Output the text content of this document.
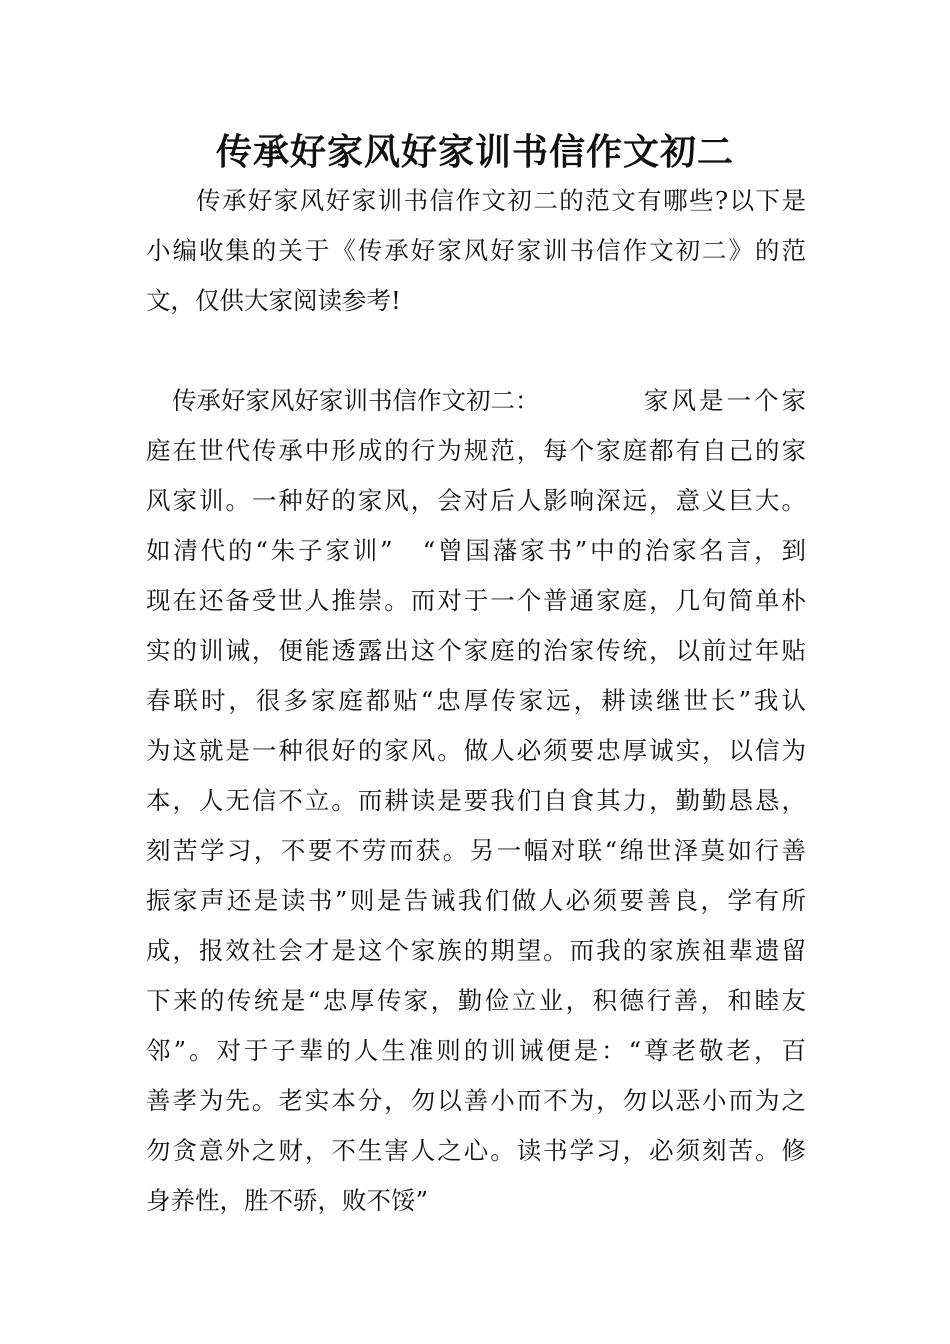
传承好家风好家训书信作文初二
传承好家风好家训书信作文初二的范文有哪些?以下是
小编收集的关于《传承好家风好家训书信作文初二》的范
文，仅供大家阅读参考!
传承好家风好家训书信作文初二：	家风是一个家
庭在世代传承中形成的行为规范，每个家庭都有自己的家
风家训。一种好的家风，会对后人影响深远，意义巨大。
如清代的“朱子家训”　“曾国藩家书”中的治家名言，到
现在还备受世人推崇。而对于一个普通家庭，几句简单朴
实的训诫，便能透露出这个家庭的治家传统，以前过年贴
春联时，很多家庭都贴“忠厚传家远，耕读继世长”我认
为这就是一种很好的家风。做人必须要忠厚诚实，以信为
本，人无信不立。而耕读是要我们自食其力，勤勤恳恳，
刻苦学习，不要不劳而获。另一幅对联“绵世泽莫如行善
振家声还是读书”则是告诫我们做人必须要善良，学有所
成，报效社会才是这个家族的期望。而我的家族祖辈遗留
下来的传统是“忠厚传家，勤俭立业，积德行善，和睦友
邻”。对于子辈的人生准则的训诫便是：“尊老敬老，百
善孝为先。老实本分，勿以善小而不为，勿以恶小而为之
勿贪意外之财，不生害人之心。读书学习，必须刻苦。修
身养性，胜不骄，败不馁”
